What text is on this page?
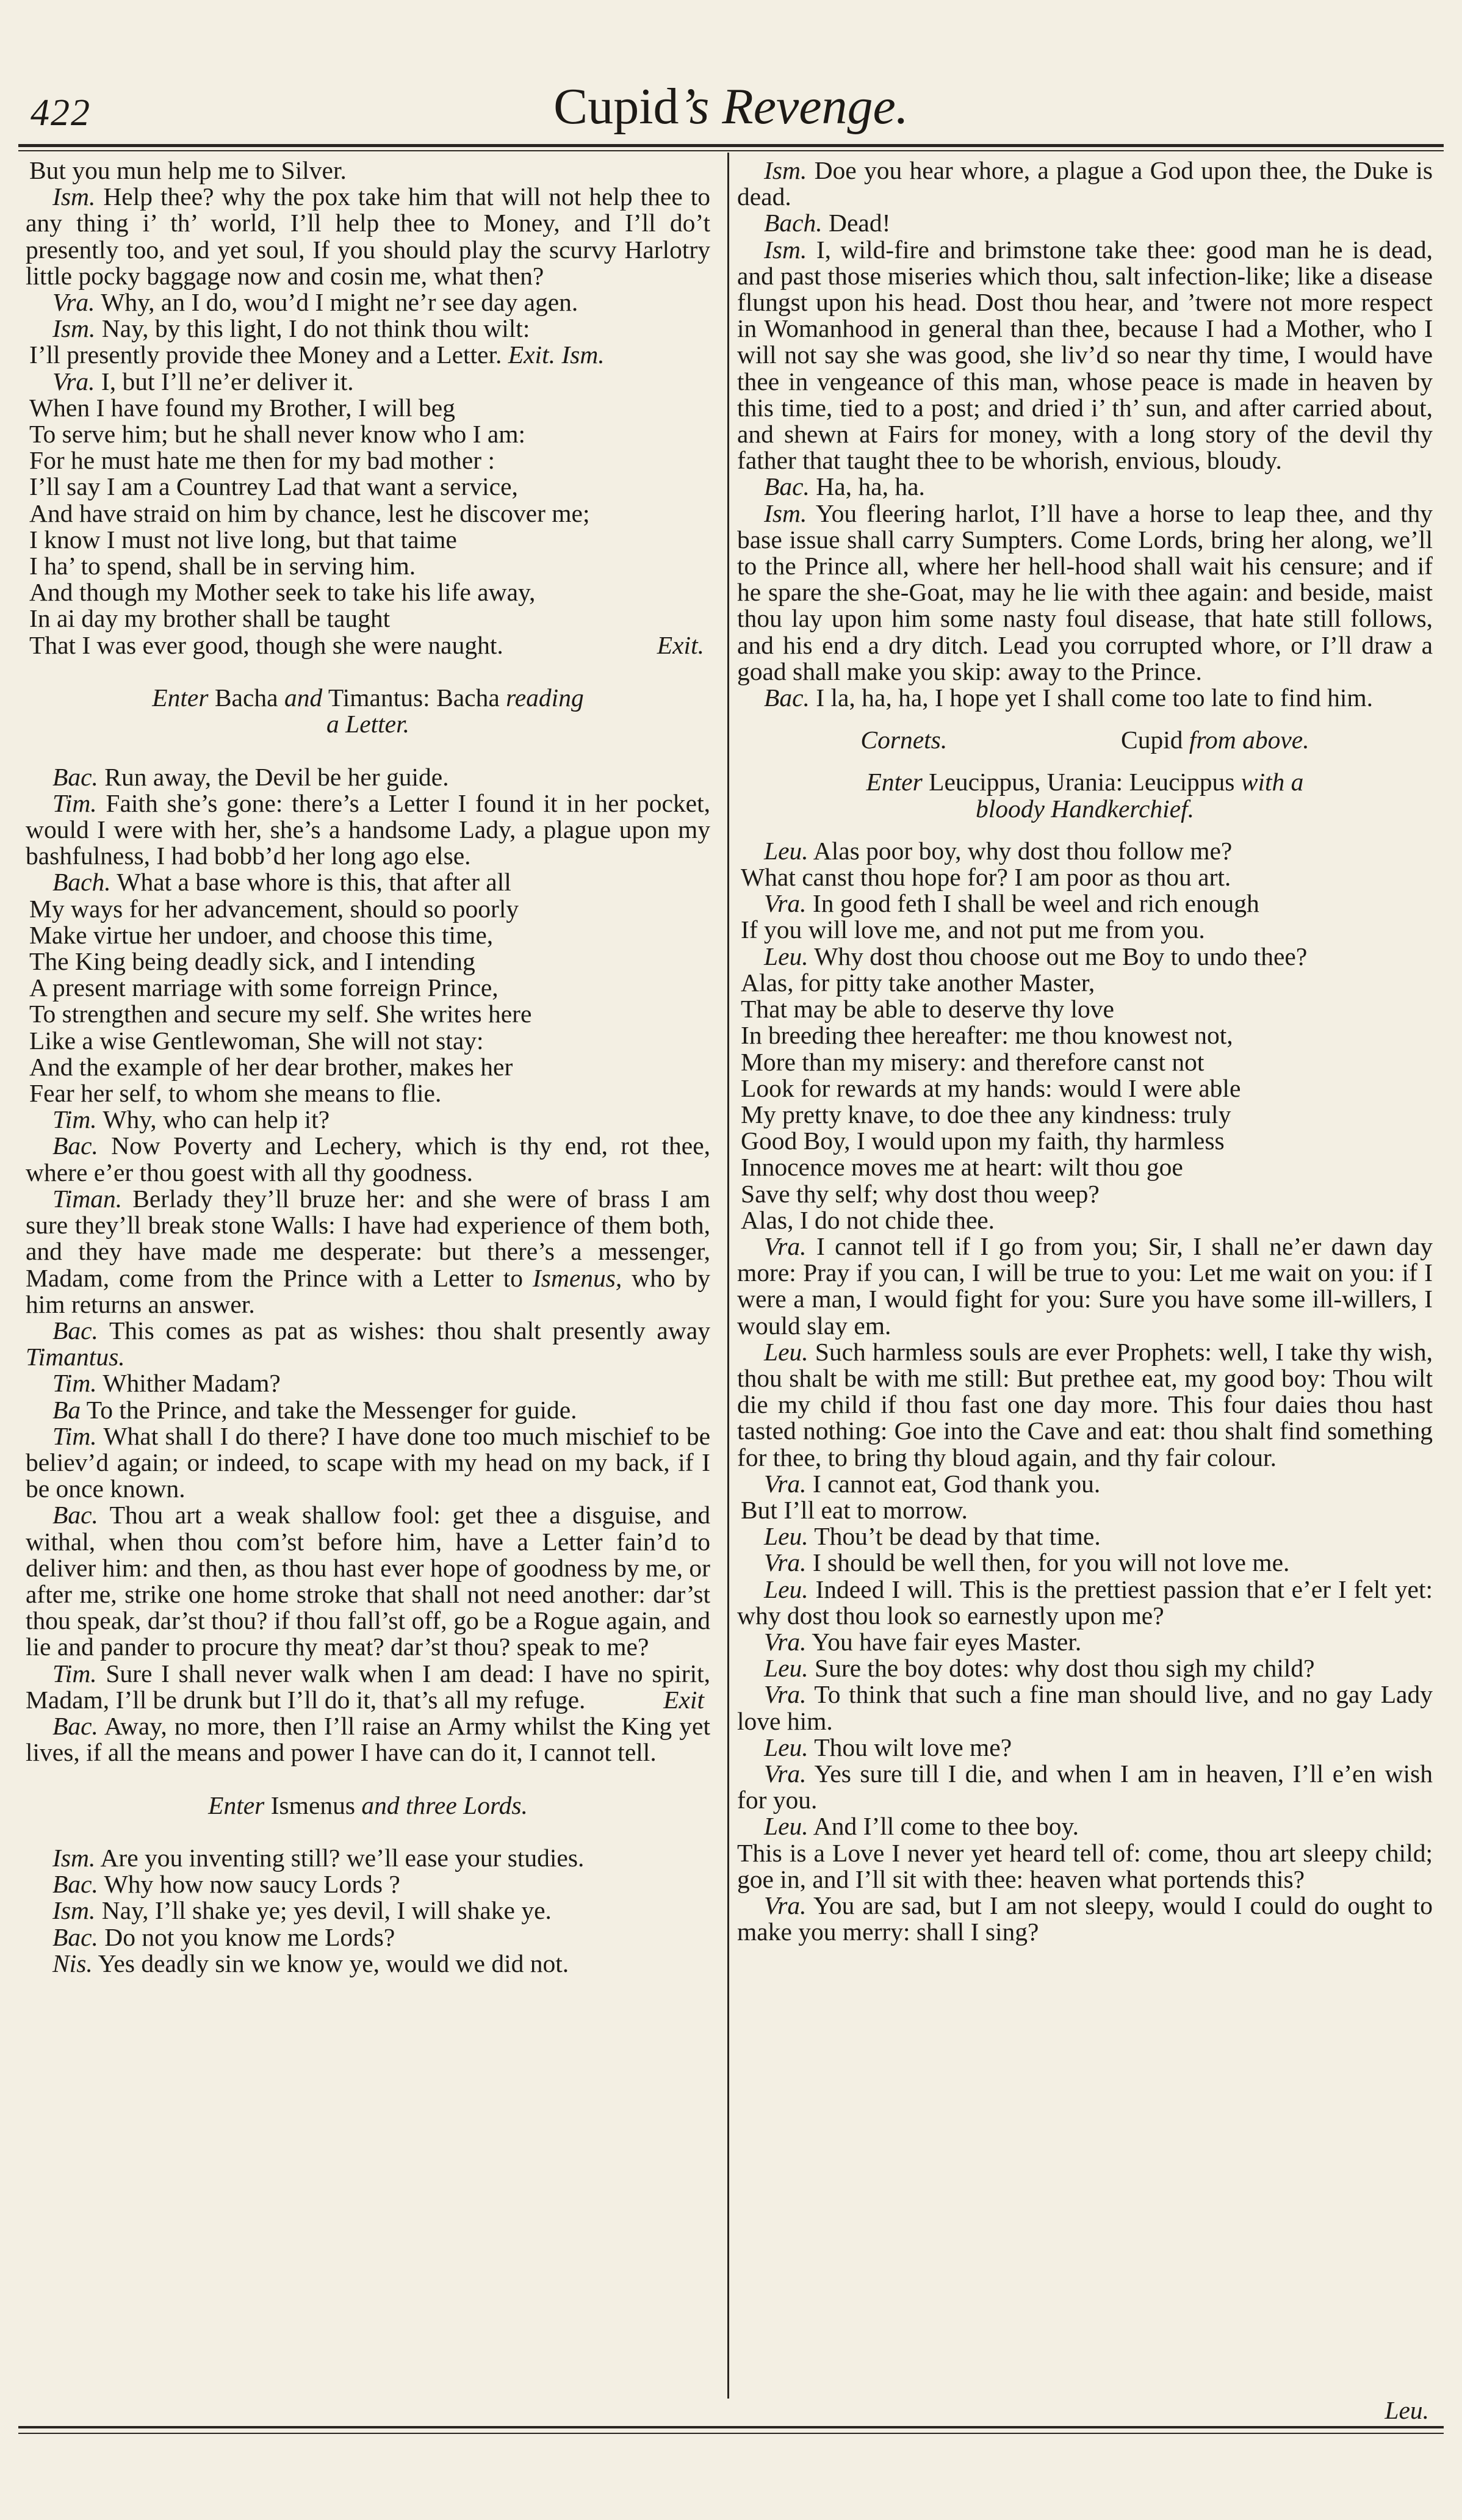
422	Cupid’s Revenge.

But you mun help me to Silver.

Ism. Help thee? why the pox take him that will not help thee to any thing i’ th’ world, I’ll help thee to Money, and I’ll do’t presently too, and yet soul, If you should play the scurvy Harlotry little pocky baggage now and cosin me, what then?

Vra. Why, an I do, wou’d I might ne’r see day agen.

Ism. Nay, by this light, I do not think thou wilt:

I’ll presently provide thee Money and a Letter. Exit. Ism.

Vra. I, but I’ll ne’er deliver it.

When I have found my Brother, I will beg

To serve him; but he shall never know who I am:

For he must hate me then for my bad mother :

I’ll say I am a Countrey Lad that want a service,

And have straid on him by chance, lest he discover me;

I know I must not live long, but that taime

I ha’ to spend, shall be in serving him.

And though my Mother seek to take his life away,

In ai day my brother shall be taught

That I was ever good, though she were naught.	Exit.

Enter Bacha and Timantus: Bacha reading

a Letter.

Bac. Run away, the Devil be her guide.

Tim. Faith she’s gone: there’s a Letter I found it in her pocket, would I were with her, she’s a handsome Lady, a plague upon my bashfulness, I had bobb’d her long ago else.

Bach. What a base whore is this, that after all

My ways for her advancement, should so poorly

Make virtue her undoer, and choose this time,

The King being deadly sick, and I intending

A present marriage with some forreign Prince,

To strengthen and secure my self. She writes here

Like a wise Gentlewoman, She will not stay:

And the example of her dear brother, makes her

Fear her self, to whom she means to flie.

Tim. Why, who can help it?

Bac. Now Poverty and Lechery, which is thy end, rot thee, where e’er thou goest with all thy goodness.

Timan. Berlady they’ll bruze her: and she were of brass I am sure they’ll break stone Walls: I have had experience of them both, and they have made me desperate: but there’s a messenger, Madam, come from the Prince with a Letter to Ismenus, who by him returns an answer.

Bac. This comes as pat as wishes: thou shalt presently away Timantus.

Tim. Whither Madam?

Ba To the Prince, and take the Messenger for guide.

Tim. What shall I do there? I have done too much mischief to be believ’d again; or indeed, to scape with my head on my back, if I be once known.

Bac. Thou art a weak shallow fool: get thee a disguise, and withal, when thou com’st before him, have a Letter fain’d to deliver him: and then, as thou hast ever hope of goodness by me, or after me, strike one home stroke that shall not need another: dar’st thou speak, dar’st thou? if thou fall’st off, go be a Rogue again, and lie and pander to procure thy meat? dar’st thou? speak to me?

Tim. Sure I shall never walk when I am dead: I have no spirit, Madam, I’ll be drunk but I’ll do it, that’s all my refuge.	Exit

Bac. Away, no more, then I’ll raise an Army whilst the King yet lives, if all the means and power I have can do it, I cannot tell.

Enter Ismenus and three Lords.

Ism. Are you inventing still? we’ll ease your studies.

Bac. Why how now saucy Lords ?

Ism. Nay, I’ll shake ye; yes devil, I will shake ye.

Bac. Do not you know me Lords?

Nis. Yes deadly sin we know ye, would we did not.

Ism. Doe you hear whore, a plague a God upon thee, the Duke is dead.

Bach. Dead!

Ism. I, wild-fire and brimstone take thee: good man he is dead, and past those miseries which thou, salt infection-like; like a disease flungst upon his head. Dost thou hear, and ’twere not more respect in Womanhood in general than thee, because I had a Mother, who I will not say she was good, she liv’d so near thy time, I would have thee in vengeance of this man, whose peace is made in heaven by this time, tied to a post; and dried i’ th’ sun, and after carried about, and shewn at Fairs for money, with a long story of the devil thy father that taught thee to be whorish, envious, bloudy.

Bac. Ha, ha, ha.

Ism. You fleering harlot, I’ll have a horse to leap thee, and thy base issue shall carry Sumpters. Come Lords, bring her along, we’ll to the Prince all, where her hell-hood shall wait his censure; and if he spare the she-Goat, may he lie with thee again: and beside, maist thou lay upon him some nasty foul disease, that hate still follows, and his end a dry ditch. Lead you corrupted whore, or I’ll draw a goad shall make you skip: away to the Prince.

Bac. I la, ha, ha, I hope yet I shall come too late to find him.

Cornets.	Cupid from above.

Enter Leucippus, Urania: Leucippus with a

bloody Handkerchief.

Leu. Alas poor boy, why dost thou follow me?

What canst thou hope for? I am poor as thou art.

Vra. In good feth I shall be weel and rich enough

If you will love me, and not put me from you.

Leu. Why dost thou choose out me Boy to undo thee?

Alas, for pitty take another Master,

That may be able to deserve thy love

In breeding thee hereafter: me thou knowest not,

More than my misery: and therefore canst not

Look for rewards at my hands: would I were able

My pretty knave, to doe thee any kindness: truly

Good Boy, I would upon my faith, thy harmless

Innocence moves me at heart: wilt thou goe

Save thy self; why dost thou weep?

Alas, I do not chide thee.

Vra. I cannot tell if I go from you; Sir, I shall ne’er dawn day more: Pray if you can, I will be true to you: Let me wait on you: if I were a man, I would fight for you: Sure you have some ill-willers, I would slay em.

Leu. Such harmless souls are ever Prophets: well, I take thy wish, thou shalt be with me still: But prethee eat, my good boy: Thou wilt die my child if thou fast one day more. This four daies thou hast tasted nothing: Goe into the Cave and eat: thou shalt find something for thee, to bring thy bloud again, and thy fair colour.

Vra. I cannot eat, God thank you.

But I’ll eat to morrow.

Leu. Thou’t be dead by that time.

Vra. I should be well then, for you will not love me.

Leu. Indeed I will. This is the prettiest passion that e’er I felt yet: why dost thou look so earnestly upon me?

Vra. You have fair eyes Master.

Leu. Sure the boy dotes: why dost thou sigh my child?

Vra. To think that such a fine man should live, and no gay Lady love him.

Leu. Thou wilt love me?

Vra. Yes sure till I die, and when I am in heaven, I’ll e’en wish for you.

Leu. And I’ll come to thee boy.

This is a Love I never yet heard tell of: come, thou art sleepy child; goe in, and I’ll sit with thee: heaven what portends this?

Vra. You are sad, but I am not sleepy, would I could do ought to make you merry: shall I sing?

Leu.
